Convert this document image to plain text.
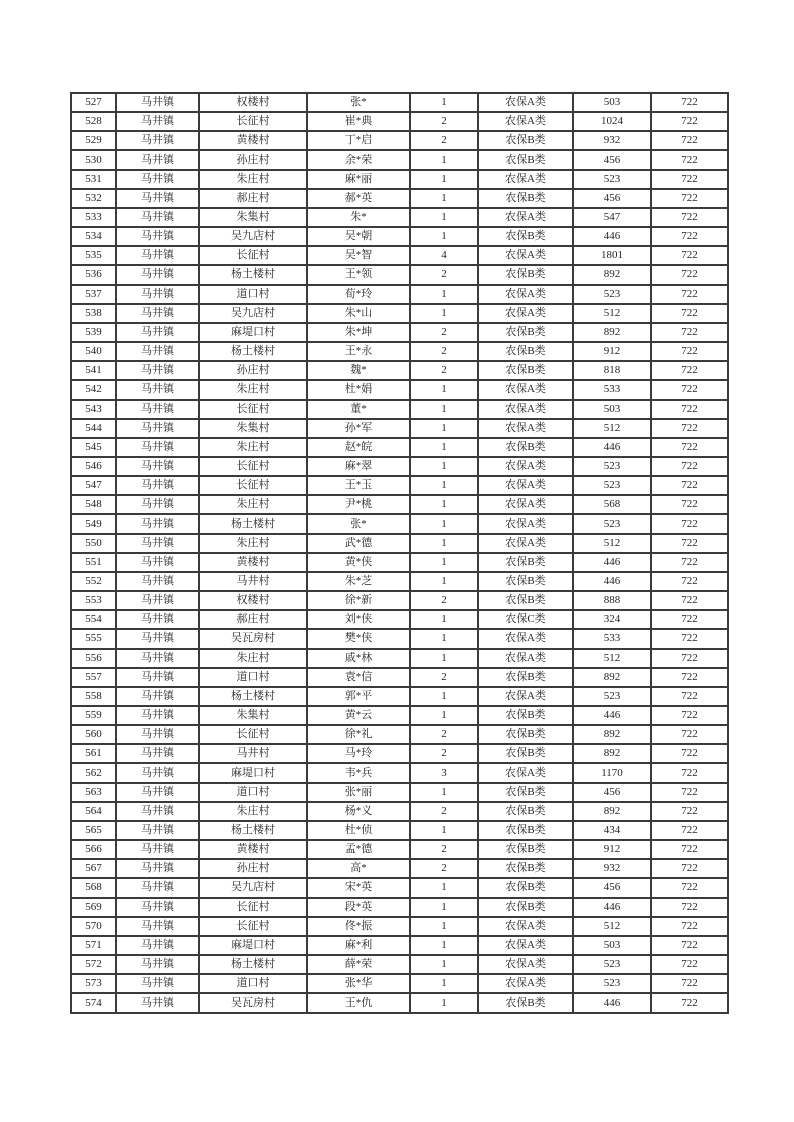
527	马井镇	权楼村	张*	1	农保A类	503	722
528	马井镇	长征村	崔*典	2	农保A类	1024	722
529	马井镇	黄楼村	丁*启	2	农保B类	932	722
530	马井镇	孙庄村	余*荣	1	农保B类	456	722
531	马井镇	朱庄村	麻*丽	1	农保A类	523	722
532	马井镇	郝庄村	郝*英	1	农保B类	456	722
533	马井镇	朱集村	朱*	1	农保A类	547	722
534	马井镇	吴九店村	吴*朝	1	农保B类	446	722
535	马井镇	长征村	吴*智	4	农保A类	1801	722
536	马井镇	杨土楼村	王*领	2	农保B类	892	722
537	马井镇	道口村	荀*玲	1	农保A类	523	722
538	马井镇	吴九店村	朱*山	1	农保A类	512	722
539	马井镇	麻堤口村	朱*坤	2	农保B类	892	722
540	马井镇	杨土楼村	王*永	2	农保B类	912	722
541	马井镇	孙庄村	魏*	2	农保B类	818	722
542	马井镇	朱庄村	杜*娟	1	农保A类	533	722
543	马井镇	长征村	董*	1	农保A类	503	722
544	马井镇	朱集村	孙*军	1	农保A类	512	722
545	马井镇	朱庄村	赵*皖	1	农保B类	446	722
546	马井镇	长征村	麻*翠	1	农保A类	523	722
547	马井镇	长征村	王*玉	1	农保A类	523	722
548	马井镇	朱庄村	尹*桃	1	农保A类	568	722
549	马井镇	杨土楼村	张*	1	农保A类	523	722
550	马井镇	朱庄村	武*德	1	农保A类	512	722
551	马井镇	黄楼村	黄*侠	1	农保B类	446	722
552	马井镇	马井村	朱*芝	1	农保B类	446	722
553	马井镇	权楼村	徐*新	2	农保B类	888	722
554	马井镇	郝庄村	刘*侠	1	农保C类	324	722
555	马井镇	吴瓦房村	樊*侠	1	农保A类	533	722
556	马井镇	朱庄村	戚*林	1	农保A类	512	722
557	马井镇	道口村	袁*信	2	农保B类	892	722
558	马井镇	杨土楼村	郭*平	1	农保A类	523	722
559	马井镇	朱集村	黄*云	1	农保B类	446	722
560	马井镇	长征村	徐*礼	2	农保B类	892	722
561	马井镇	马井村	马*玲	2	农保B类	892	722
562	马井镇	麻堤口村	韦*兵	3	农保A类	1170	722
563	马井镇	道口村	张*丽	1	农保B类	456	722
564	马井镇	朱庄村	杨*义	2	农保B类	892	722
565	马井镇	杨土楼村	杜*侦	1	农保B类	434	722
566	马井镇	黄楼村	孟*德	2	农保B类	912	722
567	马井镇	孙庄村	高*	2	农保B类	932	722
568	马井镇	吴九店村	宋*英	1	农保B类	456	722
569	马井镇	长征村	段*英	1	农保B类	446	722
570	马井镇	长征村	佟*振	1	农保A类	512	722
571	马井镇	麻堤口村	麻*利	1	农保A类	503	722
572	马井镇	杨土楼村	薛*荣	1	农保A类	523	722
573	马井镇	道口村	张*华	1	农保A类	523	722
574	马井镇	吴瓦房村	王*仇	1	农保B类	446	722
